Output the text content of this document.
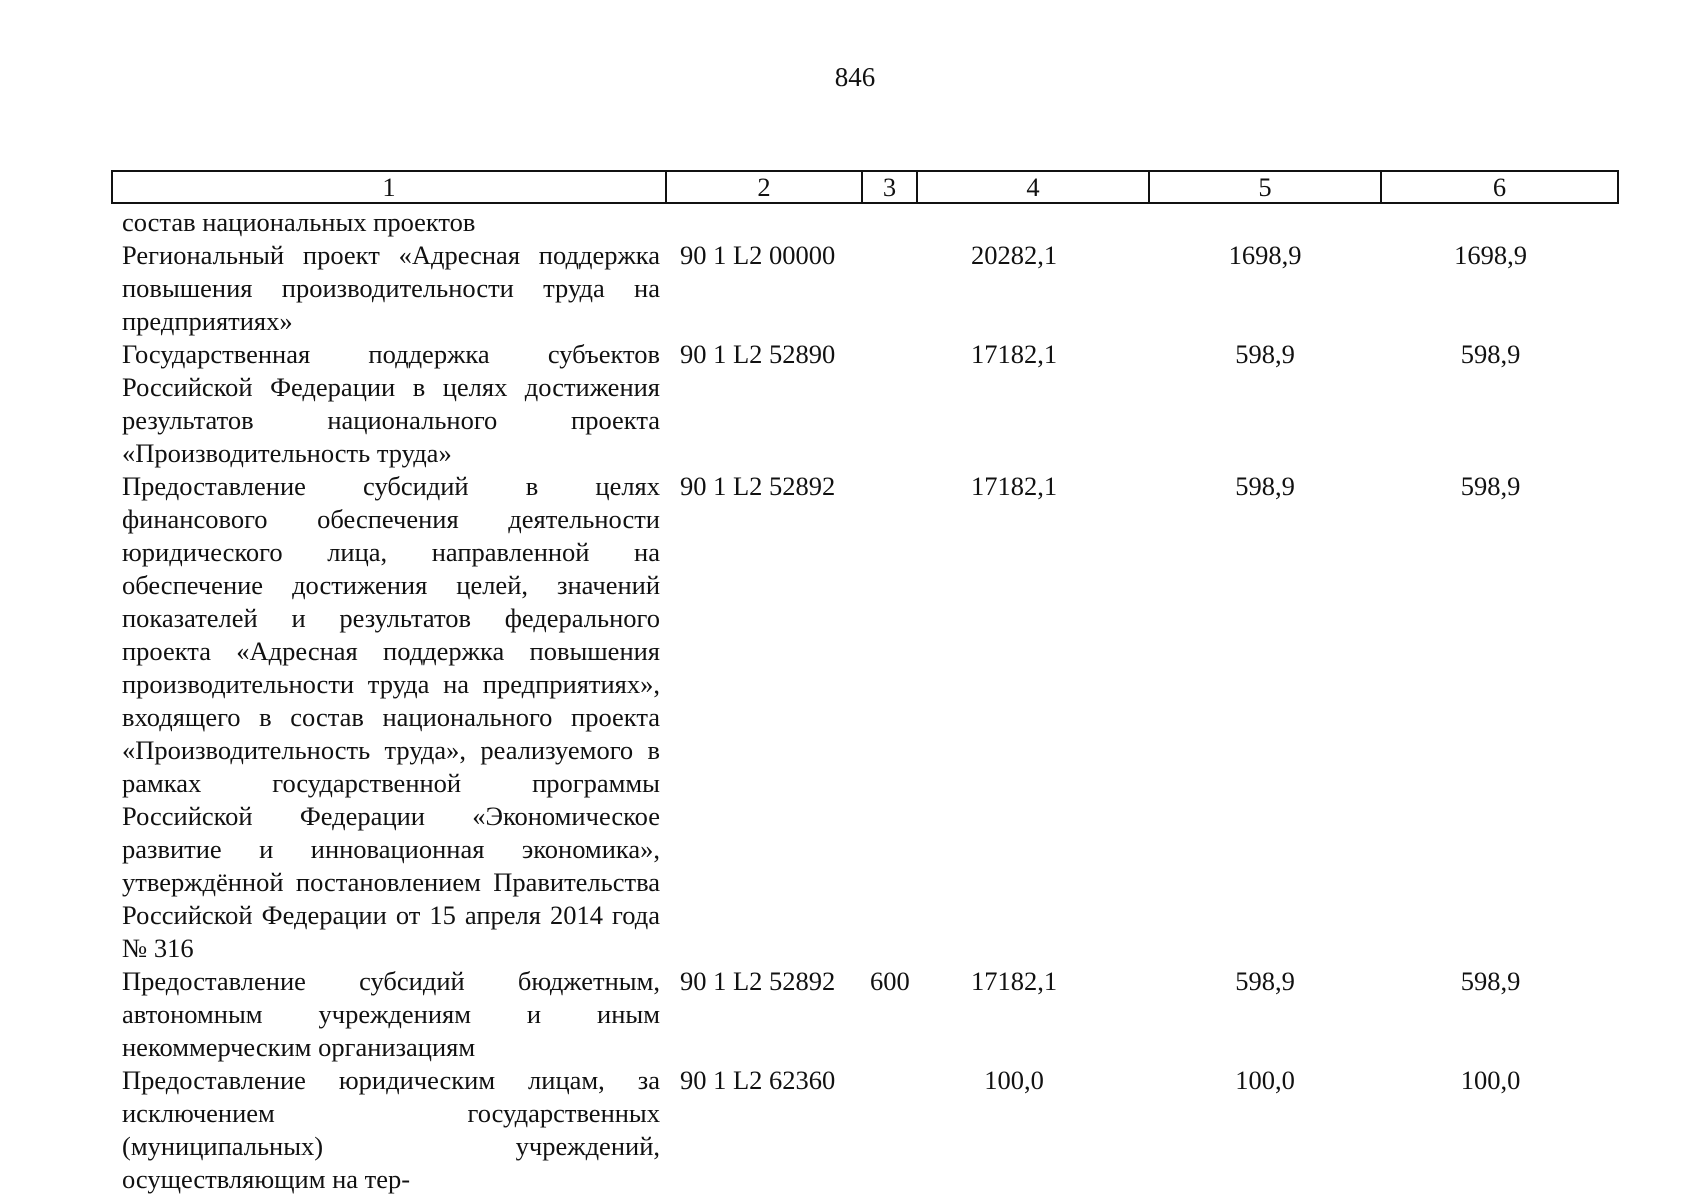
846
1	2	3	4	5	6
состав национальных проектов					
Региональный проект «Адресная поддержка повышения производительности труда на предприятиях»	90 1 L2 00000		20282,1	1698,9	1698,9
Государственная поддержка субъектов Российской Федерации в целях достижения результатов национального проекта «Производительность труда»	90 1 L2 52890		17182,1	598,9	598,9
Предоставление субсидий в целях финансового обеспечения деятельности юридического лица, направленной на обеспечение достижения целей, значений показателей и результатов федерального проекта «Адресная поддержка повышения производительности труда на предприятиях», входящего в состав национального проекта «Производительность труда», реализуемого в рамках государственной программы Российской Федерации «Экономическое развитие и инновационная экономика», утверждённой постановлением Правительства Российской Федерации от 15 апреля 2014 года № 316	90 1 L2 52892		17182,1	598,9	598,9
Предоставление субсидий бюджетным, автономным учреждениям и иным некоммерческим организациям	90 1 L2 52892	600	17182,1	598,9	598,9
Предоставление юридическим лицам, за исключением государственных (муниципальных) учреждений, осуществляющим на тер-	90 1 L2 62360		100,0	100,0	100,0
